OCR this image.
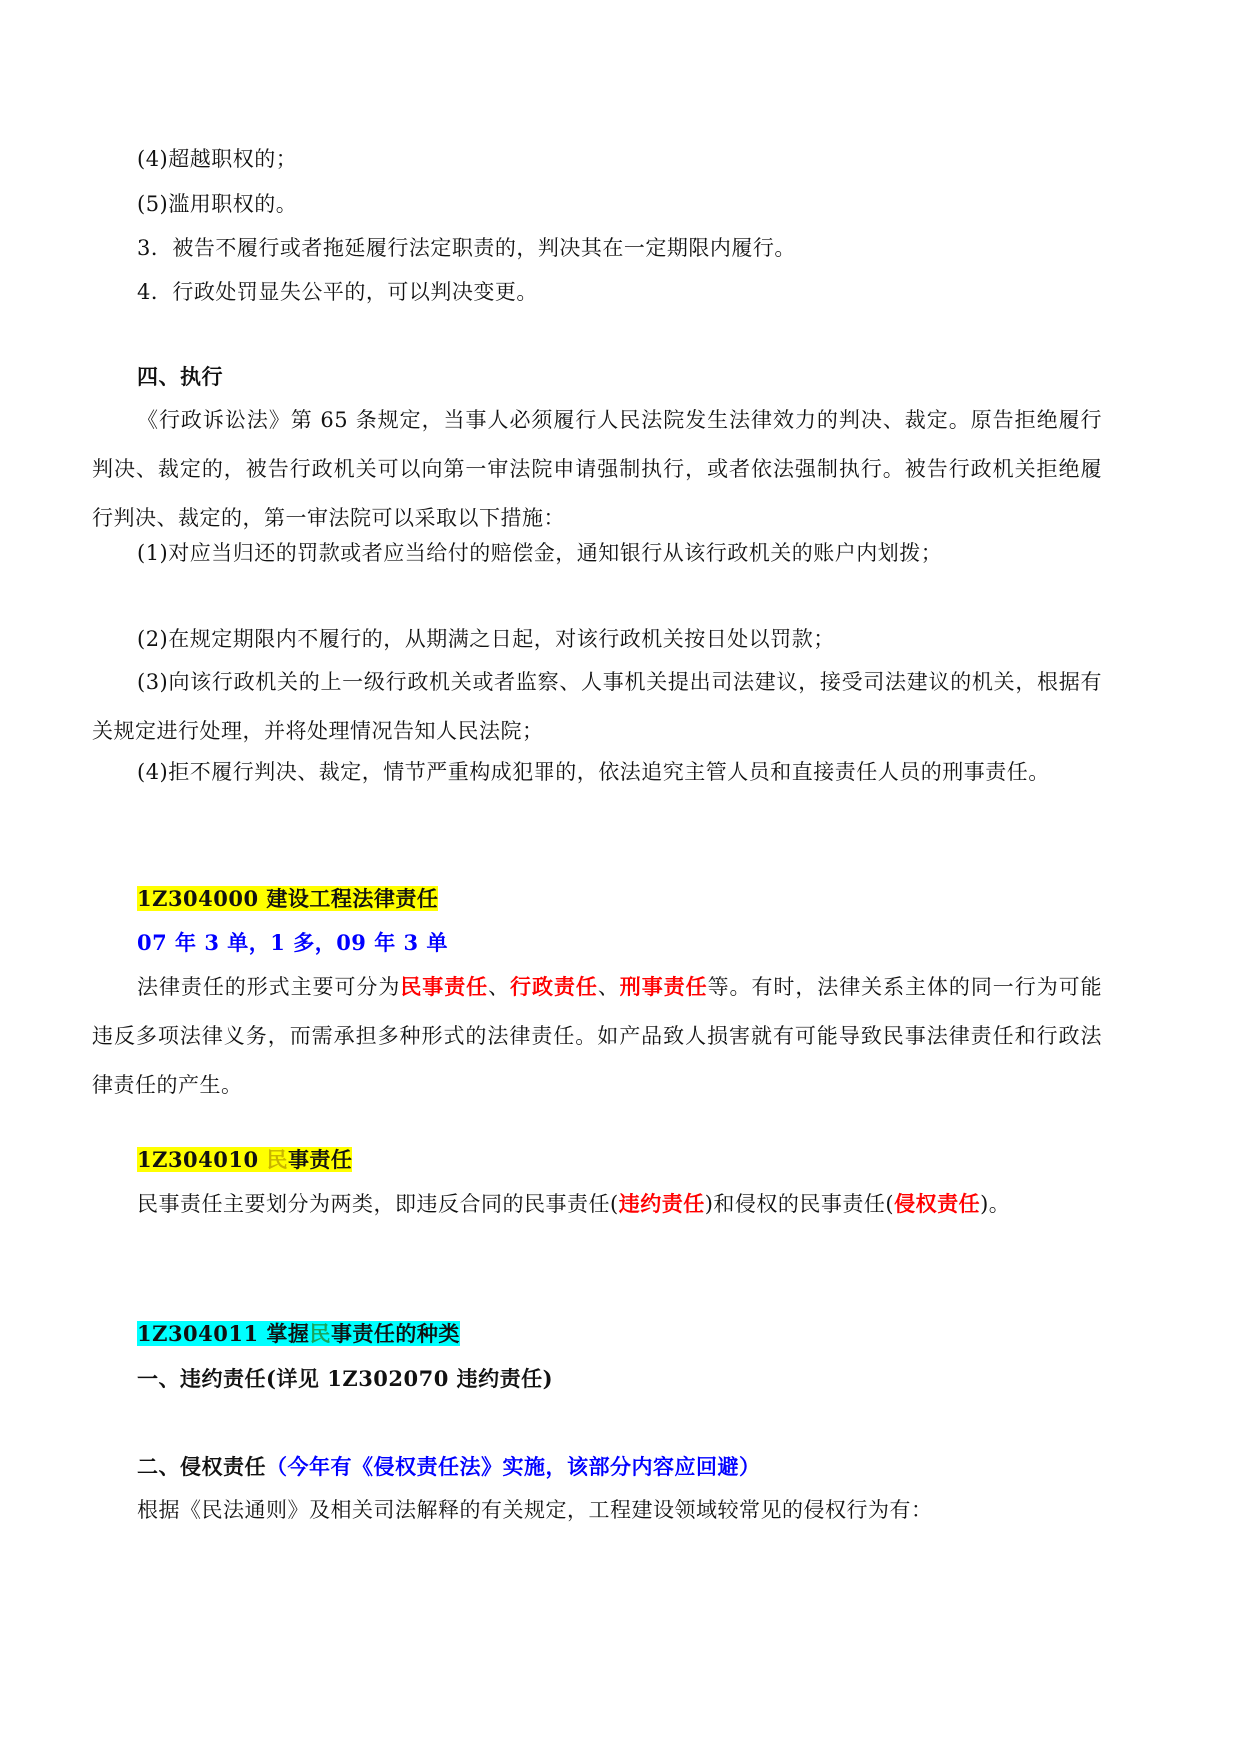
(4)超越职权的；
(5)滥用职权的。
3．被告不履行或者拖延履行法定职责的，判决其在一定期限内履行。
4．行政处罚显失公平的，可以判决变更。
四、执行
《行政诉讼法》第 65 条规定，当事人必须履行人民法院发生法律效力的判决、裁定。原告拒绝履行判决、裁定的，被告行政机关可以向第一审法院申请强制执行，或者依法强制执行。被告行政机关拒绝履行判决、裁定的，第一审法院可以采取以下措施：
(1)对应当归还的罚款或者应当给付的赔偿金，通知银行从该行政机关的账户内划拨；
(2)在规定期限内不履行的，从期满之日起，对该行政机关按日处以罚款；
(3)向该行政机关的上一级行政机关或者监察、人事机关提出司法建议，接受司法建议的机关，根据有关规定进行处理，并将处理情况告知人民法院；
(4)拒不履行判决、裁定，情节严重构成犯罪的，依法追究主管人员和直接责任人员的刑事责任。
1Z304000 建设工程法律责任
07 年 3 单，1 多，09 年 3 单
法律责任的形式主要可分为民事责任、行政责任、刑事责任等。有时，法律关系主体的同一行为可能违反多项法律义务，而需承担多种形式的法律责任。如产品致人损害就有可能导致民事法律责任和行政法律责任的产生。
1Z304010 民事责任
民事责任主要划分为两类，即违反合同的民事责任(违约责任)和侵权的民事责任(侵权责任)。
1Z304011 掌握民事责任的种类
一、违约责任(详见 1Z302070 违约责任)
二、侵权责任（今年有《侵权责任法》实施，该部分内容应回避）
根据《民法通则》及相关司法解释的有关规定，工程建设领域较常见的侵权行为有：
